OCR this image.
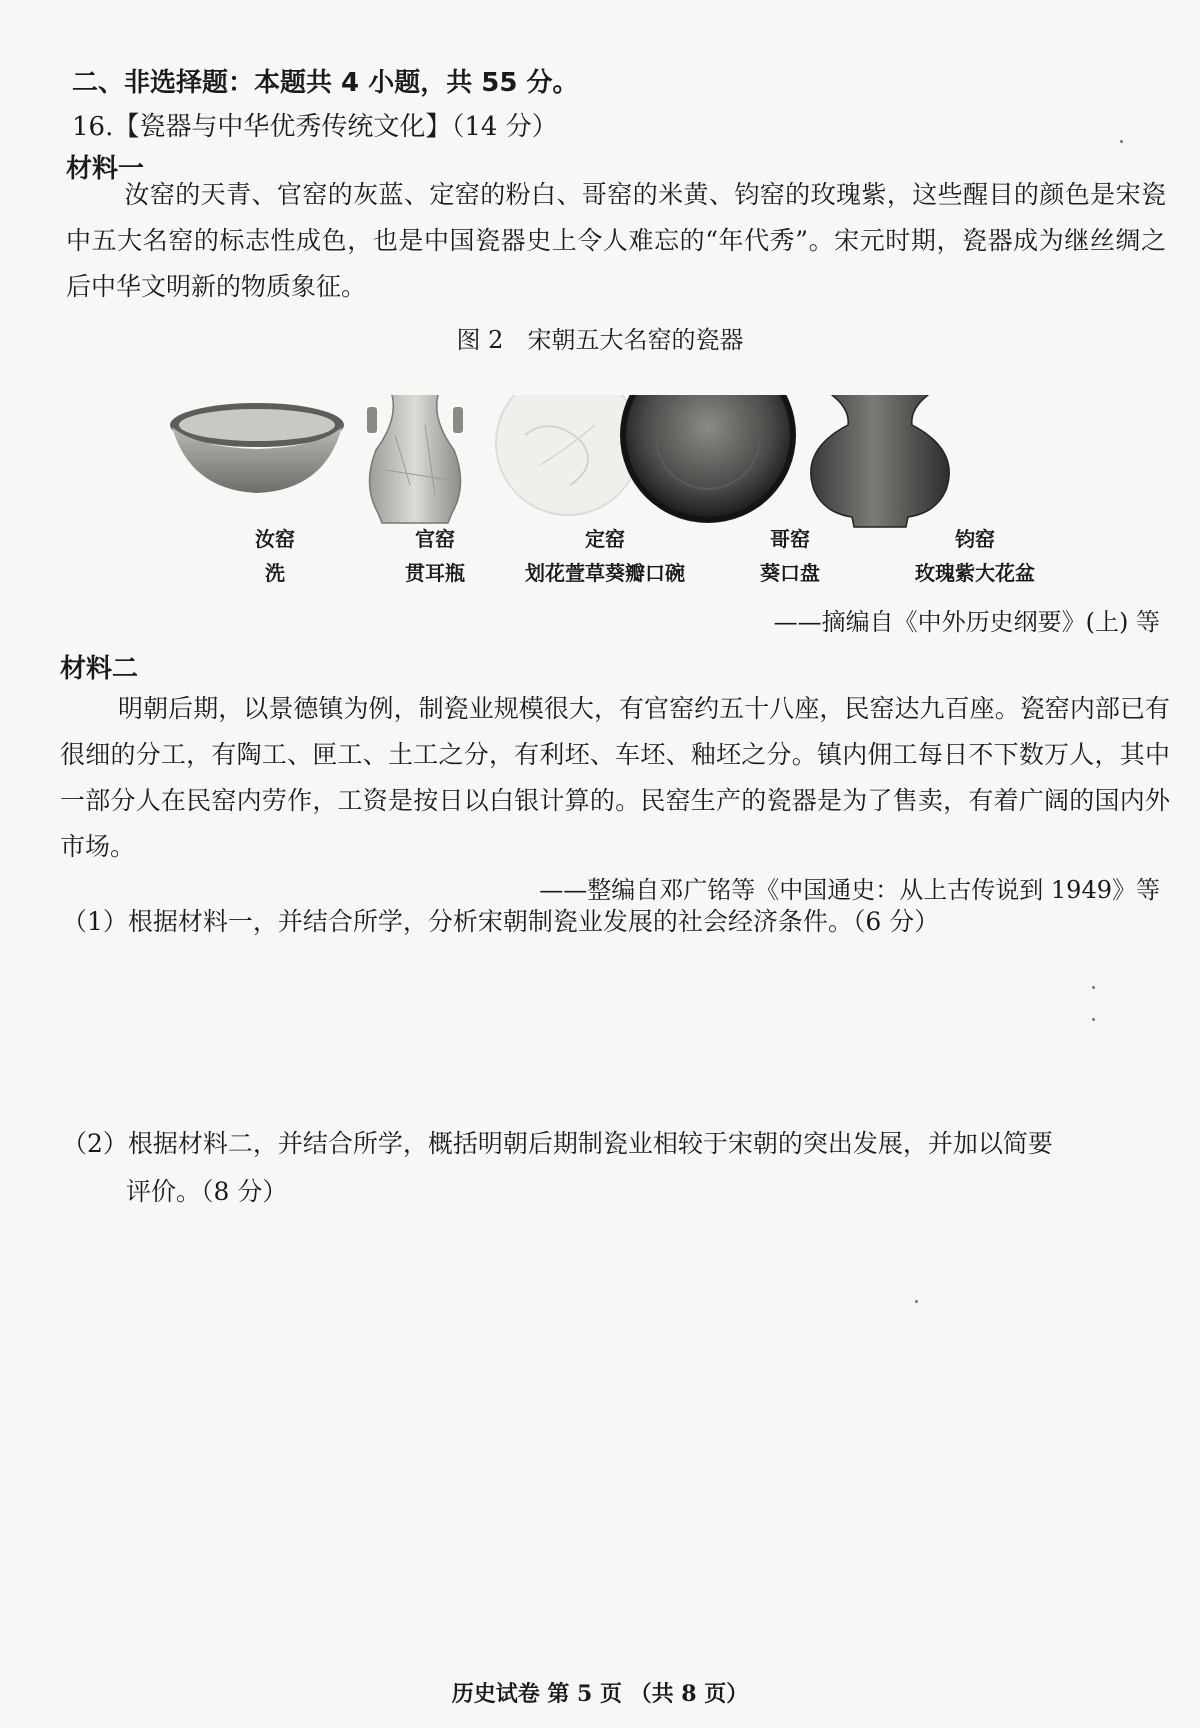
二、非选择题：本题共 4 小题，共 55 分。
16.【瓷器与中华优秀传统文化】（14 分）
材料一
汝窑的天青、官窑的灰蓝、定窑的粉白、哥窑的米黄、钧窑的玫瑰紫，这些醒目的颜色是宋瓷中五大名窑的标志性成色，也是中国瓷器史上令人难忘的“年代秀”。宋元时期，瓷器成为继丝绸之后中华文明新的物质象征。
图 2　宋朝五大名窑的瓷器
汝窑
洗
官窑
贯耳瓶
定窑
划花萱草葵瓣口碗
哥窑
葵口盘
钧窑
玫瑰紫大花盆
——摘编自《中外历史纲要》(上) 等
材料二
明朝后期，以景德镇为例，制瓷业规模很大，有官窑约五十八座，民窑达九百座。瓷窑内部已有很细的分工，有陶工、匣工、土工之分，有利坯、车坯、釉坯之分。镇内佣工每日不下数万人，其中一部分人在民窑内劳作，工资是按日以白银计算的。民窑生产的瓷器是为了售卖，有着广阔的国内外市场。
——整编自邓广铭等《中国通史：从上古传说到 1949》等
（1）根据材料一，并结合所学，分析宋朝制瓷业发展的社会经济条件。（6 分）
（2）根据材料二，并结合所学，概括明朝后期制瓷业相较于宋朝的突出发展，并加以简要
评价。（8 分）
历史试卷 第 5 页 （共 8 页）
